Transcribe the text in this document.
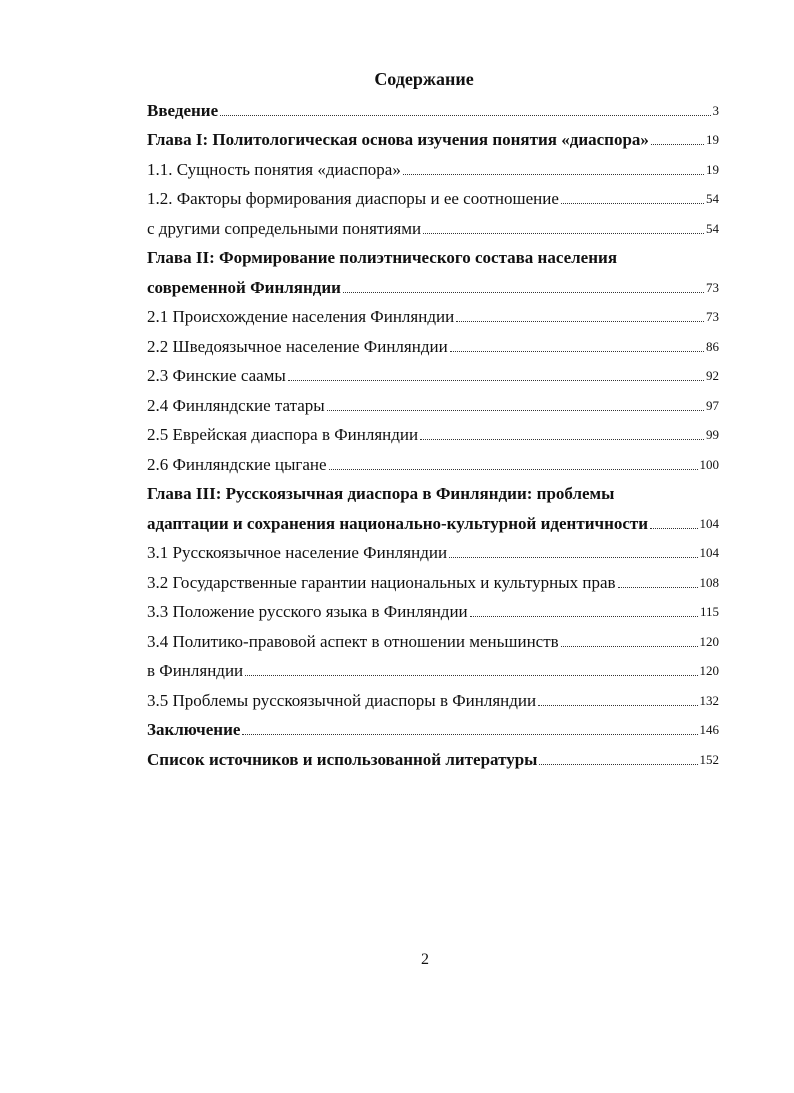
Содержание
Введение	3
Глава I: Политологическая основа изучения понятия «диаспора»	19
1.1. Сущность понятия «диаспора»	19
1.2. Факторы формирования диаспоры и ее соотношение	54
с другими сопредельными понятиями	54
Глава II: Формирование полиэтнического состава населения
современной Финляндии	73
2.1 Происхождение населения Финляндии	73
2.2 Шведоязычное население Финляндии	86
2.3 Финские саамы	92
2.4 Финляндские татары	97
2.5 Еврейская диаспора в Финляндии	99
2.6 Финляндские цыгане	100
Глава III: Русскоязычная диаспора в Финляндии: проблемы
адаптации и сохранения национально-культурной идентичности	104
3.1 Русскоязычное население Финляндии	104
3.2 Государственные гарантии национальных и культурных прав	108
3.3 Положение русского языка в Финляндии	115
3.4 Политико-правовой аспект в отношении меньшинств	120
в Финляндии	120
3.5 Проблемы русскоязычной диаспоры в Финляндии	132
Заключение	146
Список источников и использованной литературы	152
2
